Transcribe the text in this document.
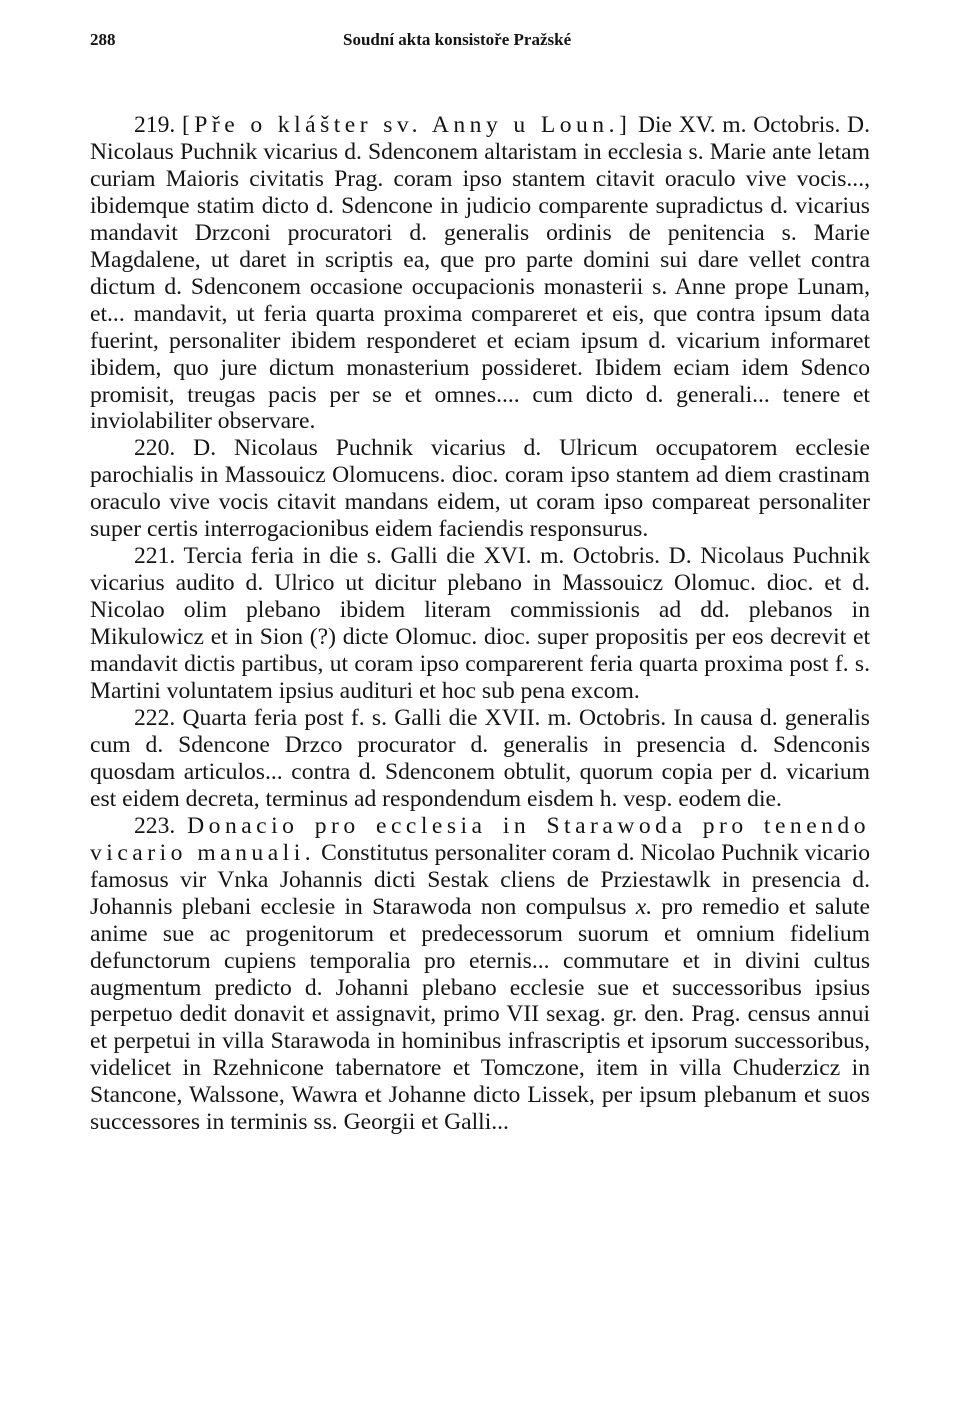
288	Soudní akta konsistoře Pražské

219. [Pře o klášter sv. Anny u Loun.] Die XV. m. Octobris. D. Nicolaus Puchnik vicarius d. Sdenconem altaristam in ecclesia s. Marie ante letam curiam Maioris civitatis Prag. coram ipso stantem citavit oraculo vive vocis..., ibidemque statim dicto d. Sdencone in judicio comparente supradictus d. vicarius mandavit Drzconi procuratori d. generalis ordinis de penitencia s. Marie Magdalene, ut daret in scriptis ea, que pro parte domini sui dare vellet contra dictum d. Sdenconem occasione occupacionis monasterii s. Anne prope Lunam, et... mandavit, ut feria quarta proxima compareret et eis, que contra ipsum data fuerint, personaliter ibidem responderet et eciam ipsum d. vicarium informaret ibidem, quo jure dictum monasterium possideret. Ibidem eciam idem Sdenco promisit, treugas pacis per se et omnes.... cum dicto d. generali... tenere et inviolabiliter observare.

220. D. Nicolaus Puchnik vicarius d. Ulricum occupatorem ecclesie parochialis in Massouicz Olomucens. dioc. coram ipso stantem ad diem crastinam oraculo vive vocis citavit mandans eidem, ut coram ipso compareat personaliter super certis interrogacionibus eidem faciendis responsurus.

221. Tercia feria in die s. Galli die XVI. m. Octobris. D. Nicolaus Puchnik vicarius audito d. Ulrico ut dicitur plebano in Massouicz Olomuc. dioc. et d. Nicolao olim plebano ibidem literam commissionis ad dd. plebanos in Mikulowicz et in Sion (?) dicte Olomuc. dioc. super propositis per eos decrevit et mandavit dictis partibus, ut coram ipso comparerent feria quarta proxima post f. s. Martini voluntatem ipsius audituri et hoc sub pena excom.

222. Quarta feria post f. s. Galli die XVII. m. Octobris. In causa d. generalis cum d. Sdencone Drzco procurator d. generalis in presencia d. Sdenconis quosdam articulos... contra d. Sdenconem obtulit, quorum copia per d. vicarium est eidem decreta, terminus ad respondendum eisdem h. vesp. eodem die.

223. Donacio pro ecclesia in Starawoda pro tenendo vicario manuali. Constitutus personaliter coram d. Nicolao Puchnik vicario famosus vir Vnka Johannis dicti Sestak cliens de Prziestawlk in presencia d. Johannis plebani ecclesie in Starawoda non compulsus x. pro remedio et salute anime sue ac progenitorum et predecessorum suorum et omnium fidelium defunctorum cupiens temporalia pro eternis... commutare et in divini cultus augmentum predicto d. Johanni plebano ecclesie sue et successoribus ipsius perpetuo dedit donavit et assignavit, primo VII sexag. gr. den. Prag. census annui et perpetui in villa Starawoda in hominibus infrascriptis et ipsorum successoribus, videlicet in Rzehnicone tabernatore et Tomczone, item in villa Chuderzicz in Stancone, Walssone, Wawra et Johanne dicto Lissek, per ipsum plebanum et suos successores in terminis ss. Georgii et Galli...
